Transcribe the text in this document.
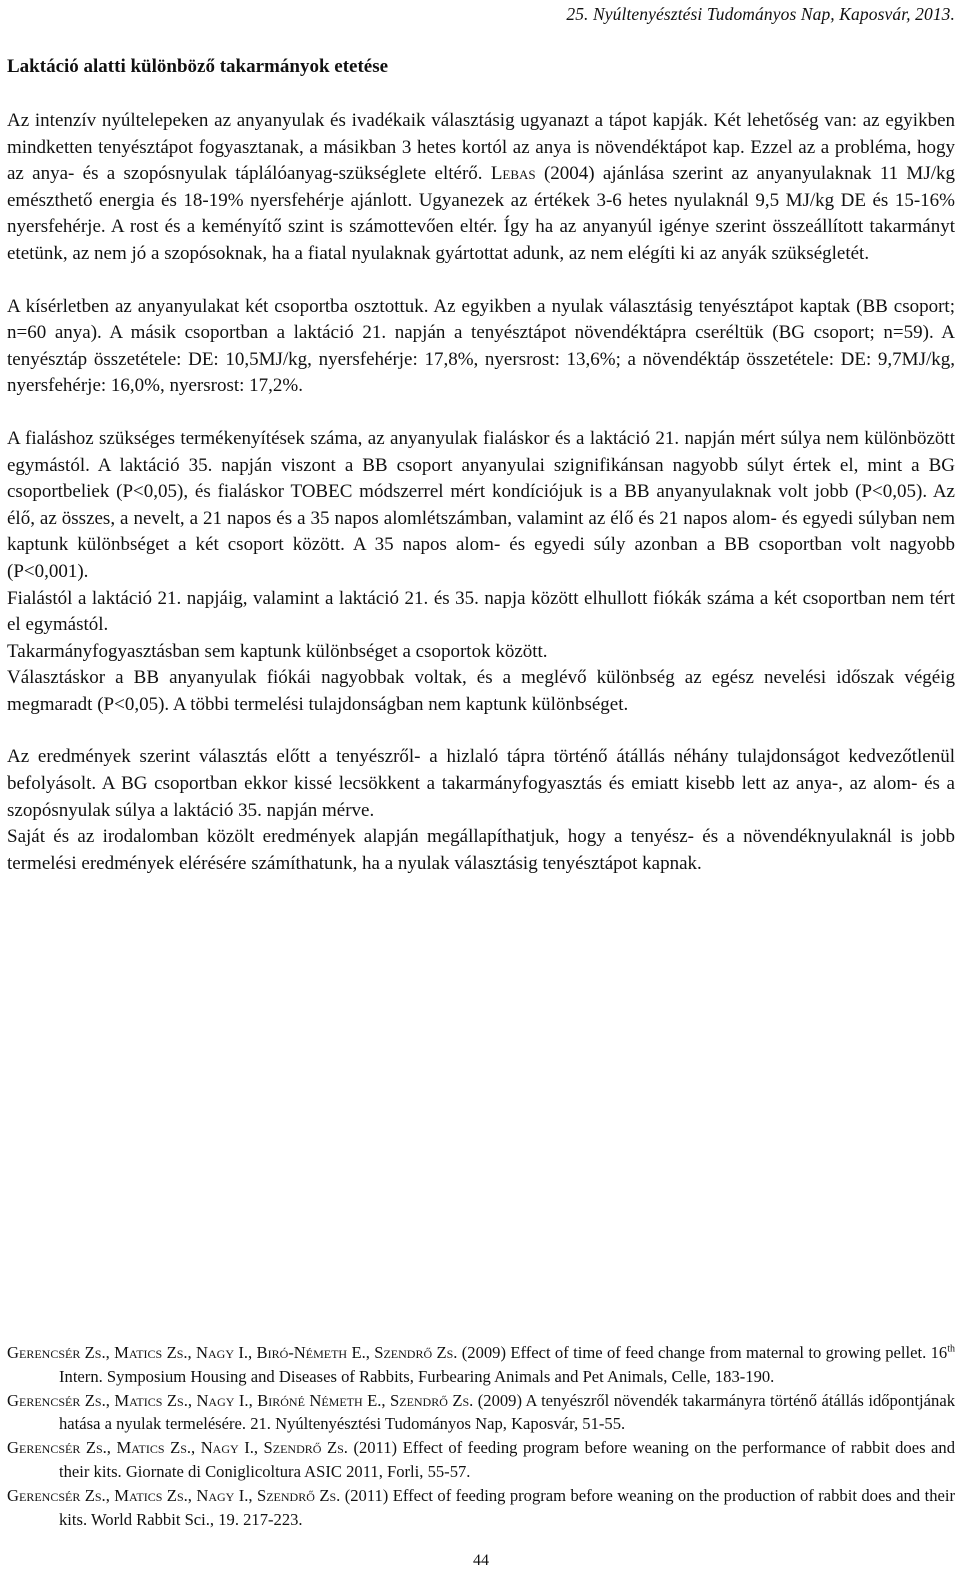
25. Nyúltenyésztési Tudományos Nap, Kaposvár, 2013.
Laktáció alatti különböző takarmányok etetése

Az intenzív nyúltelepeken az anyanyulak és ivadékaik választásig ugyanazt a tápot kapják. Két lehetőség van: az egyikben mindketten tenyésztápot fogyasztanak, a másikban 3 hetes kortól az anya is növendéktápot kap. Ezzel az a probléma, hogy az anya- és a szopósnyulak táplálóanyag-szükséglete eltérő. Lebas (2004) ajánlása szerint az anyanyulaknak 11 MJ/kg emészthető energia és 18-19% nyersfehérje ajánlott. Ugyanezek az értékek 3-6 hetes nyulaknál 9,5 MJ/kg DE és 15-16% nyersfehérje. A rost és a keményítő szint is számottevően eltér. Így ha az anyanyúl igénye szerint összeállított takarmányt etetünk, az nem jó a szopósoknak, ha a fiatal nyulaknak gyártottat adunk, az nem elégíti ki az anyák szükségletét.

A kísérletben az anyanyulakat két csoportba osztottuk. Az egyikben a nyulak választásig tenyésztápot kaptak (BB csoport; n=60 anya). A másik csoportban a laktáció 21. napján a tenyésztápot növendéktápra cseréltük (BG csoport; n=59). A tenyésztáp összetétele: DE: 10,5MJ/kg, nyersfehérje: 17,8%, nyersrost: 13,6%; a növendéktáp összetétele: DE: 9,7MJ/kg, nyersfehérje: 16,0%, nyersrost: 17,2%.

A fialáshoz szükséges termékenyítések száma, az anyanyulak fialáskor és a laktáció 21. napján mért súlya nem különbözött egymástól. A laktáció 35. napján viszont a BB csoport anyanyulai szignifikánsan nagyobb súlyt értek el, mint a BG csoportbeliek (P<0,05), és fialáskor TOBEC módszerrel mért kondíciójuk is a BB anyanyulaknak volt jobb (P<0,05). Az élő, az összes, a nevelt, a 21 napos és a 35 napos alomlétszámban, valamint az élő és 21 napos alom- és egyedi súlyban nem kaptunk különbséget a két csoport között. A 35 napos alom- és egyedi súly azonban a BB csoportban volt nagyobb (P<0,001).

Fialástól a laktáció 21. napjáig, valamint a laktáció 21. és 35. napja között elhullott fiókák száma a két csoportban nem tért el egymástól.

Takarmányfogyasztásban sem kaptunk különbséget a csoportok között.

Választáskor a BB anyanyulak fiókái nagyobbak voltak, és a meglévő különbség az egész nevelési időszak végéig megmaradt (P<0,05). A többi termelési tulajdonságban nem kaptunk különbséget.

Az eredmények szerint választás előtt a tenyészről- a hizlaló tápra történő átállás néhány tulajdonságot kedvezőtlenül befolyásolt. A BG csoportban ekkor kissé lecsökkent a takarmányfogyasztás és emiatt kisebb lett az anya-, az alom- és a szopósnyulak súlya a laktáció 35. napján mérve.

Saját és az irodalomban közölt eredmények alapján megállapíthatjuk, hogy a tenyész- és a növendéknyulaknál is jobb termelési eredmények elérésére számíthatunk, ha a nyulak választásig tenyésztápot kapnak.

Gerencsér Zs., Matics Zs., Nagy I., Biró-Németh E., Szendrő Zs. (2009) Effect of time of feed change from maternal to growing pellet. 16th Intern. Symposium Housing and Diseases of Rabbits, Furbearing Animals and Pet Animals, Celle, 183-190.

Gerencsér Zs., Matics Zs., Nagy I., Biróné Németh E., Szendrő Zs. (2009) A tenyészről növendék takarmányra történő átállás időpontjának hatása a nyulak termelésére. 21. Nyúltenyésztési Tudományos Nap, Kaposvár, 51-55.

Gerencsér Zs., Matics Zs., Nagy I., Szendrő Zs. (2011) Effect of feeding program before weaning on the performance of rabbit does and their kits. Giornate di Coniglicoltura ASIC 2011, Forli, 55-57.

Gerencsér Zs., Matics Zs., Nagy I., Szendrő Zs. (2011) Effect of feeding program before weaning on the production of rabbit does and their kits. World Rabbit Sci., 19. 217-223.

44
